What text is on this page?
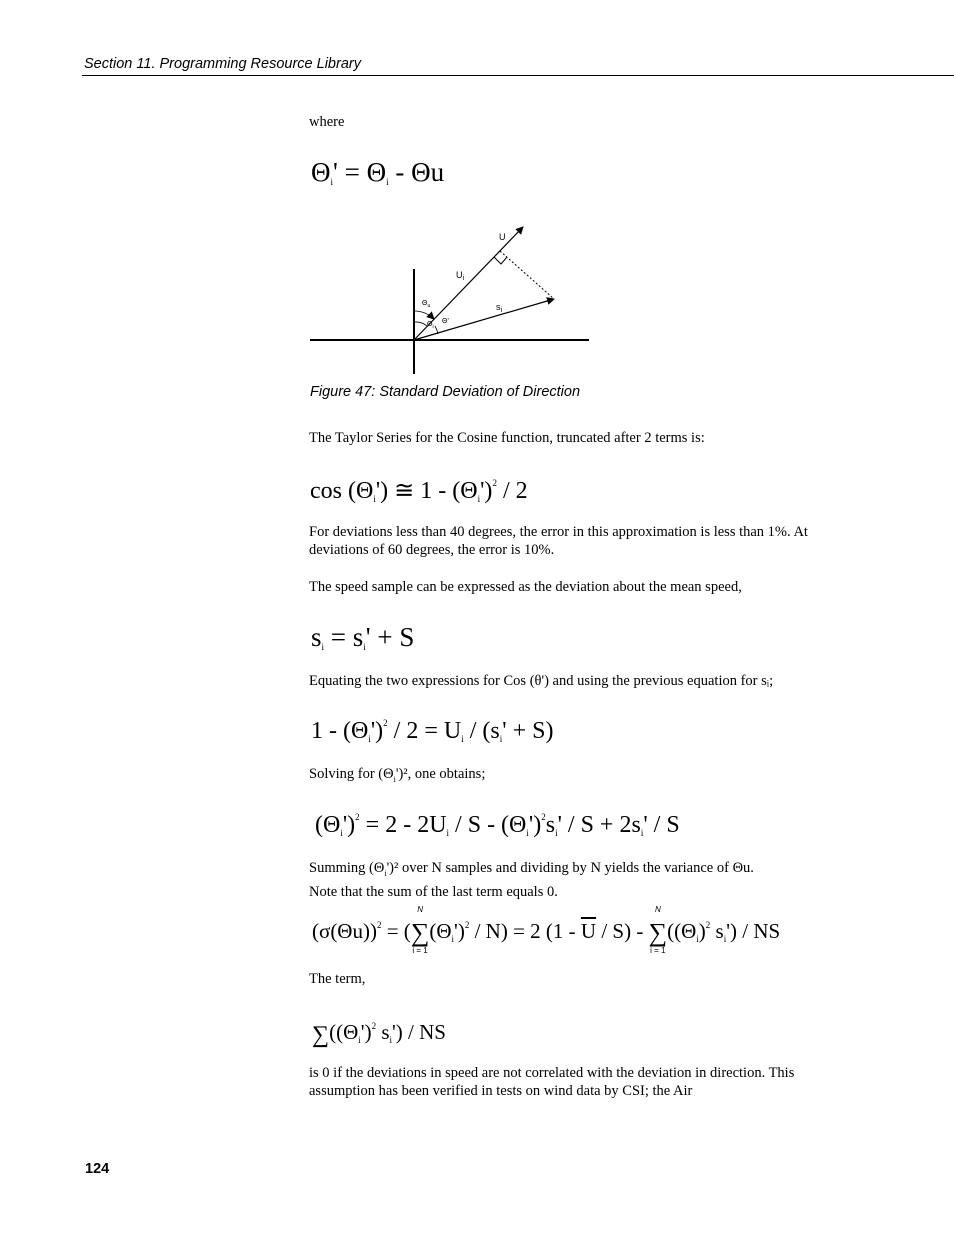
Section 11. Programming Resource Library

where

$\Theta_i' = \Theta_i - \Theta u$
U
$U_i$
$s_i$
$\Theta_u$
$\Theta_i$
Θ'
Figure 47: Standard Deviation of Direction

The Taylor Series for the Cosine function, truncated after 2 terms is:

$\cos (\Theta_i')$ ≅ $1 - (\Theta_i')^2 / 2$

For deviations less than 40 degrees, the error in this approximation is less than 1%. At deviations of 60 degrees, the error is 10%.

The speed sample can be expressed as the deviation about the mean speed,

$s_i = s_i' + S$

Equating the two expressions for Cos (θ') and using the previous equation for sᵢ;

$1 - (\Theta_i')^2 / 2 = U_i / (s_i' + S)$

Solving for $(\Theta_i')^2$, one obtains;

$(\Theta_i')^2 = 2 - 2U_i / S - (\Theta_i')^2s_i' / S + 2s_i' / S$

Summing $(\Theta_i')^2$ over N samples and dividing by N yields the variance of Θu.
Note that the sum of the last term equals 0.

$(\sigma(\Theta u))^2$ = (
N
∑
i = 1
$(\Theta_i')^2 / N) = 2$ $(1 - \overline{U} / S)$ -
N
∑
i = 1
($(\Theta_i)^2$ $s_i'$) / NS

The term,

$\sum((\Theta_i')^2$ $s_i'$) / NS

is 0 if the deviations in speed are not correlated with the deviation in direction. This assumption has been verified in tests on wind data by CSI; the Air

124
